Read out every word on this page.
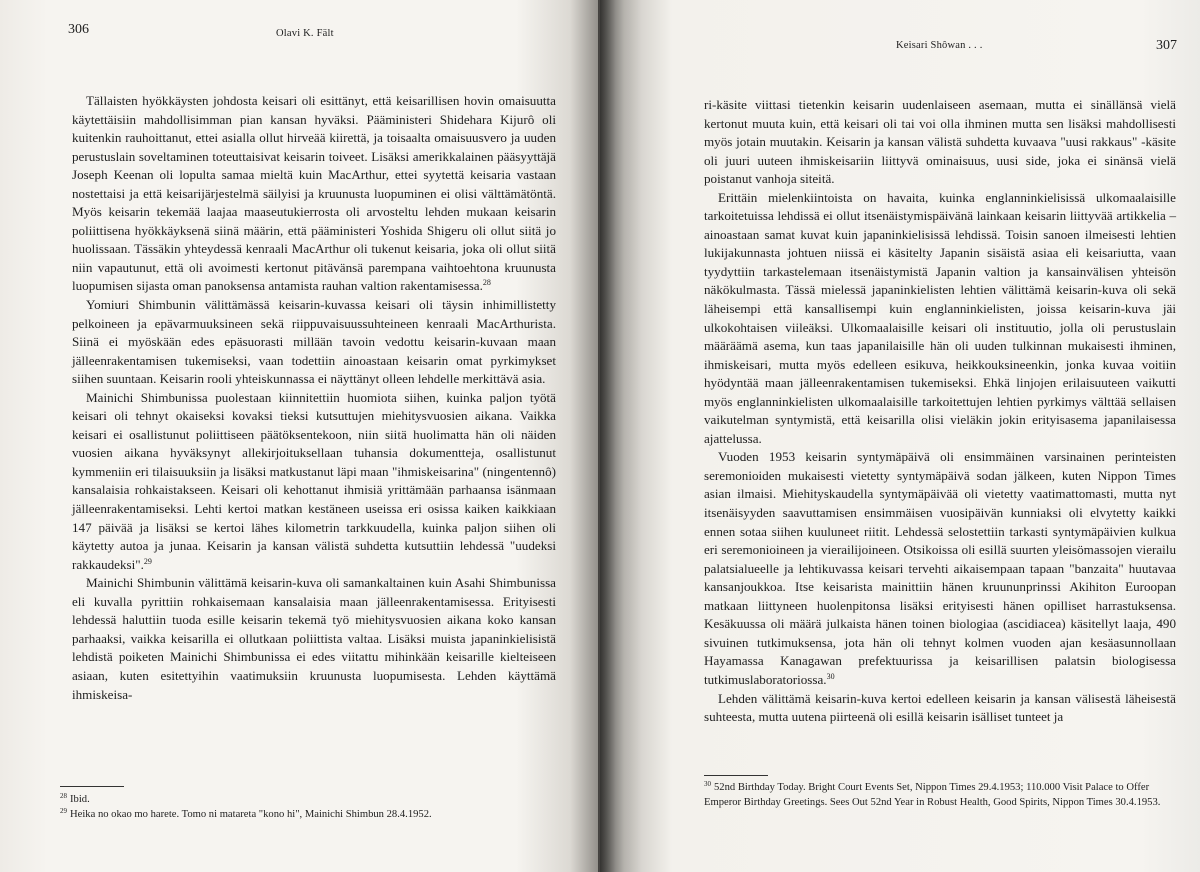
306	Olavi K. Fält

Tällaisten hyökkäysten johdosta keisari oli esittänyt, että keisarillisen hovin omaisuutta käytettäisiin mahdollisimman pian kansan hyväksi. Pääministeri Shidehara Kijurô oli kuitenkin rauhoittanut, ettei asialla ollut hirveää kiirettä, ja toisaalta omaisuusvero ja uuden perustuslain soveltaminen toteuttaisivat keisarin toiveet. Lisäksi amerikkalainen pääsyyttäjä Joseph Keenan oli lopulta samaa mieltä kuin MacArthur, ettei syytettä keisaria vastaan nostettaisi ja että keisarijärjestelmä säilyisi ja kruunusta luopuminen ei olisi välttämätöntä. Myös keisarin tekemää laajaa maaseutukierrosta oli arvosteltu lehden mukaan keisarin poliittisena hyökkäyksenä siinä määrin, että pääministeri Yoshida Shigeru oli ollut siitä jo huolissaan. Tässäkin yhteydessä kenraali MacArthur oli tukenut keisaria, joka oli ollut siitä niin vapautunut, että oli avoimesti kertonut pitävänsä parempana vaihtoehtona kruunusta luopumisen sijasta oman panoksensa antamista rauhan valtion rakentamisessa.$^{28}$

Yomiuri Shimbunin välittämässä keisarin-kuvassa keisari oli täysin inhimillistetty pelkoineen ja epävarmuuksineen sekä riippuvaisuussuhteineen kenraali MacArthurista. Siinä ei myöskään edes epäsuorasti millään tavoin vedottu keisarin-kuvaan maan jälleenrakentamisen tukemiseksi, vaan todettiin ainoastaan keisarin omat pyrkimykset siihen suuntaan. Keisarin rooli yhteiskunnassa ei näyttänyt olleen lehdelle merkittävä asia.

Mainichi Shimbunissa puolestaan kiinnitettiin huomiota siihen, kuinka paljon työtä keisari oli tehnyt okaiseksi kovaksi tieksi kutsuttujen miehitysvuosien aikana. Vaikka keisari ei osallistunut poliittiseen päätöksentekoon, niin siitä huolimatta hän oli näiden vuosien aikana hyväksynyt allekirjoituksellaan tuhansia dokumentteja, osallistunut kymmeniin eri tilaisuuksiin ja lisäksi matkustanut läpi maan "ihmiskeisarina" (ningentennô) kansalaisia rohkaistakseen. Keisari oli kehottanut ihmisiä yrittämään parhaansa isänmaan jälleenrakentamiseksi. Lehti kertoi matkan kestäneen useissa eri osissa kaiken kaikkiaan 147 päivää ja lisäksi se kertoi lähes kilometrin tarkkuudella, kuinka paljon siihen oli käytetty autoa ja junaa. Keisarin ja kansan välistä suhdetta kutsuttiin lehdessä "uudeksi rakkaudeksi".$^{29}$

Mainichi Shimbunin välittämä keisarin-kuva oli samankaltainen kuin Asahi Shimbunissa eli kuvalla pyrittiin rohkaisemaan kansalaisia maan jälleenrakentamisessa. Erityisesti lehdessä haluttiin tuoda esille keisarin tekemä työ miehitysvuosien aikana koko kansan parhaaksi, vaikka keisarilla ei ollutkaan poliittista valtaa. Lisäksi muista japaninkielisistä lehdistä poiketen Mainichi Shimbunissa ei edes viitattu mihinkään keisarille kielteiseen asiaan, kuten esitettyihin vaatimuksiin kruunusta luopumisesta. Lehden käyttämä ihmiskeisa-

$^{28}$ Ibid.
$^{29}$ Heika no okao mo harete. Tomo ni matareta "kono hi", Mainichi Shimbun 28.4.1952.
Keisari Shôwan . . .	307

ri-käsite viittasi tietenkin keisarin uudenlaiseen asemaan, mutta ei sinällänsä vielä kertonut muuta kuin, että keisari oli tai voi olla ihminen mutta sen lisäksi mahdollisesti myös jotain muutakin. Keisarin ja kansan välistä suhdetta kuvaava "uusi rakkaus" -käsite oli juuri uuteen ihmiskeisariin liittyvä ominaisuus, uusi side, joka ei sinänsä vielä poistanut vanhoja siteitä.

Erittäin mielenkiintoista on havaita, kuinka englanninkielisissä ulkomaalaisille tarkoitetuissa lehdissä ei ollut itsenäistymispäivänä lainkaan keisarin liittyvää artikkelia – ainoastaan samat kuvat kuin japaninkielisissä lehdissä. Toisin sanoen ilmeisesti lehtien lukijakunnasta johtuen niissä ei käsitelty Japanin sisäistä asiaa eli keisariutta, vaan tyydyttiin tarkastelemaan itsenäistymistä Japanin valtion ja kansainvälisen yhteisön näkökulmasta. Tässä mielessä japaninkielisten lehtien välittämä keisarin-kuva oli sekä läheisempi että kansallisempi kuin englanninkielisten, joissa keisarin-kuva jäi ulkokohtaisen viileäksi. Ulkomaalaisille keisari oli instituutio, jolla oli perustuslain määräämä asema, kun taas japanilaisille hän oli uuden tulkinnan mukaisesti ihminen, ihmiskeisari, mutta myös edelleen esikuva, heikkouksineenkin, jonka kuvaa voitiin hyödyntää maan jälleenrakentamisen tukemiseksi. Ehkä linjojen erilaisuuteen vaikutti myös englanninkielisten ulkomaalaisille tarkoitettujen lehtien pyrkimys välttää sellaisen vaikutelman syntymistä, että keisarilla olisi vieläkin jokin erityisasema japanilaisessa ajattelussa.

Vuoden 1953 keisarin syntymäpäivä oli ensimmäinen varsinainen perinteisten seremonioiden mukaisesti vietetty syntymäpäivä sodan jälkeen, kuten Nippon Times asian ilmaisi. Miehityskaudella syntymäpäivää oli vietetty vaatimattomasti, mutta nyt itsenäisyyden saavuttamisen ensimmäisen vuosipäivän kunniaksi oli elvytetty kaikki ennen sotaa siihen kuuluneet riitit. Lehdessä selostettiin tarkasti syntymäpäivien kulkua eri seremonioineen ja vierailijoineen. Otsikoissa oli esillä suurten yleisömassojen vierailu palatsialueelle ja lehtikuvassa keisari tervehti aikaisempaan tapaan "banzaita" huutavaa kansanjoukkoa. Itse keisarista mainittiin hänen kruununprinssi Akihiton Euroopan matkaan liittyneen huolenpitonsa lisäksi erityisesti hänen opilliset harrastuksensa. Kesäkuussa oli määrä julkaista hänen toinen biologiaa (ascidiacea) käsitellyt laaja, 490 sivuinen tutkimuksensa, jota hän oli tehnyt kolmen vuoden ajan kesäasunnollaan Hayamassa Kanagawan prefektuurissa ja keisarillisen palatsin biologisessa tutkimuslaboratoriossa.$^{30}$

Lehden välittämä keisarin-kuva kertoi edelleen keisarin ja kansan välisestä läheisestä suhteesta, mutta uutena piirteenä oli esillä keisarin isälliset tunteet ja

$^{30}$ 52nd Birthday Today. Bright Court Events Set, Nippon Times 29.4.1953; 110.000 Visit Palace to Offer Emperor Birthday Greetings. Sees Out 52nd Year in Robust Health, Good Spirits, Nippon Times 30.4.1953.
